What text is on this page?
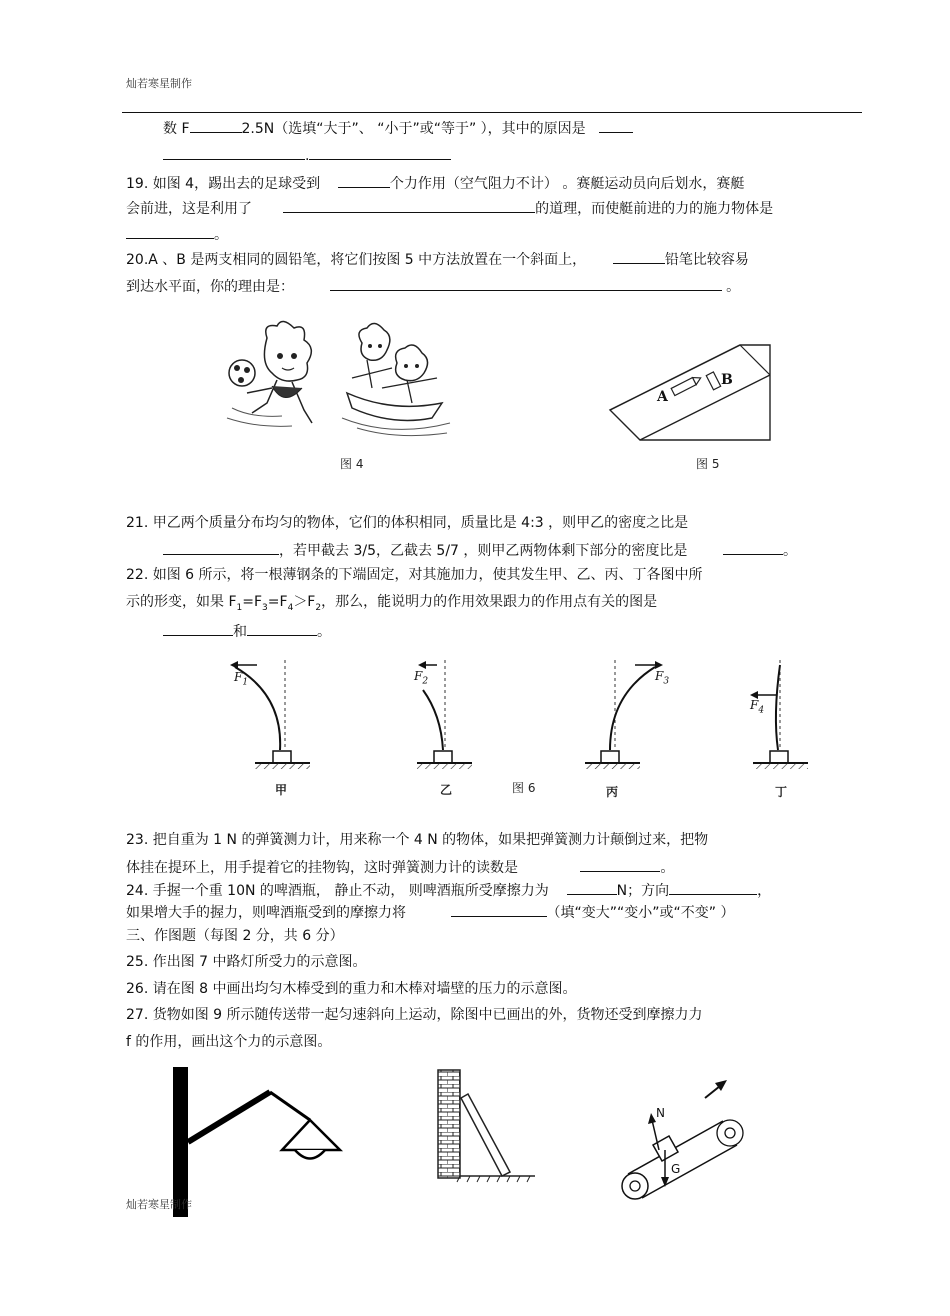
灿若寒星制作
数 F	2.5N（选填“大于”、 “小于”或“等于” ），其中的原因是
.
19. 如图 4，踢出去的足球受到	个力作用（空气阻力不计） 。赛艇运动员向后划水，赛艇
会前进，这是利用了	的道理，而使艇前进的力的施力物体是
。
20.A 、B 是两支相同的圆铅笔，将它们按图 5 中方法放置在一个斜面上，	铅笔比较容易
到达水平面，你的理由是：	。
图 4
A
B
图 5
21. 甲乙两个质量分布均匀的物体，它们的体积相同，质量比是 4:3 ，则甲乙的密度之比是
，若甲截去 3/5，乙截去 5/7 ，则甲乙两物体剩下部分的密度比是	。
22. 如图 6 所示，将一根薄钢条的下端固定，对其施加力，使其发生甲、乙、丙、丁各图中所
示的形变，如果 $F_1=F_3=F_4>F_2$，那么，能说明力的作用效果跟力的作用点有关的图是
和	。
$F_1$	$F_2$	$F_3$
$F_4$
甲	乙	丙	丁
图 6
23. 把自重为 1 N 的弹簧测力计，用来称一个 4 N 的物体，如果把弹簧测力计颠倒过来，把物
体挂在提环上，用手提着它的挂物钩，这时弹簧测力计的读数是	。
24. 手握一个重 10N 的啤酒瓶， 静止不动， 则啤酒瓶所受摩擦力为	N；方向	，
如果增大手的握力，则啤酒瓶受到的摩擦力将	（填“变大”“变小”或“不变” ）
三、作图题（每图 2 分，共 6 分）
25. 作出图 7 中路灯所受力的示意图。
26. 请在图 8 中画出均匀木棒受到的重力和木棒对墙壁的压力的示意图。
27. 货物如图 9 所示随传送带一起匀速斜向上运动，除图中已画出的外，货物还受到摩擦力力
f 的作用，画出这个力的示意图。
N
G
灿若寒星制作
